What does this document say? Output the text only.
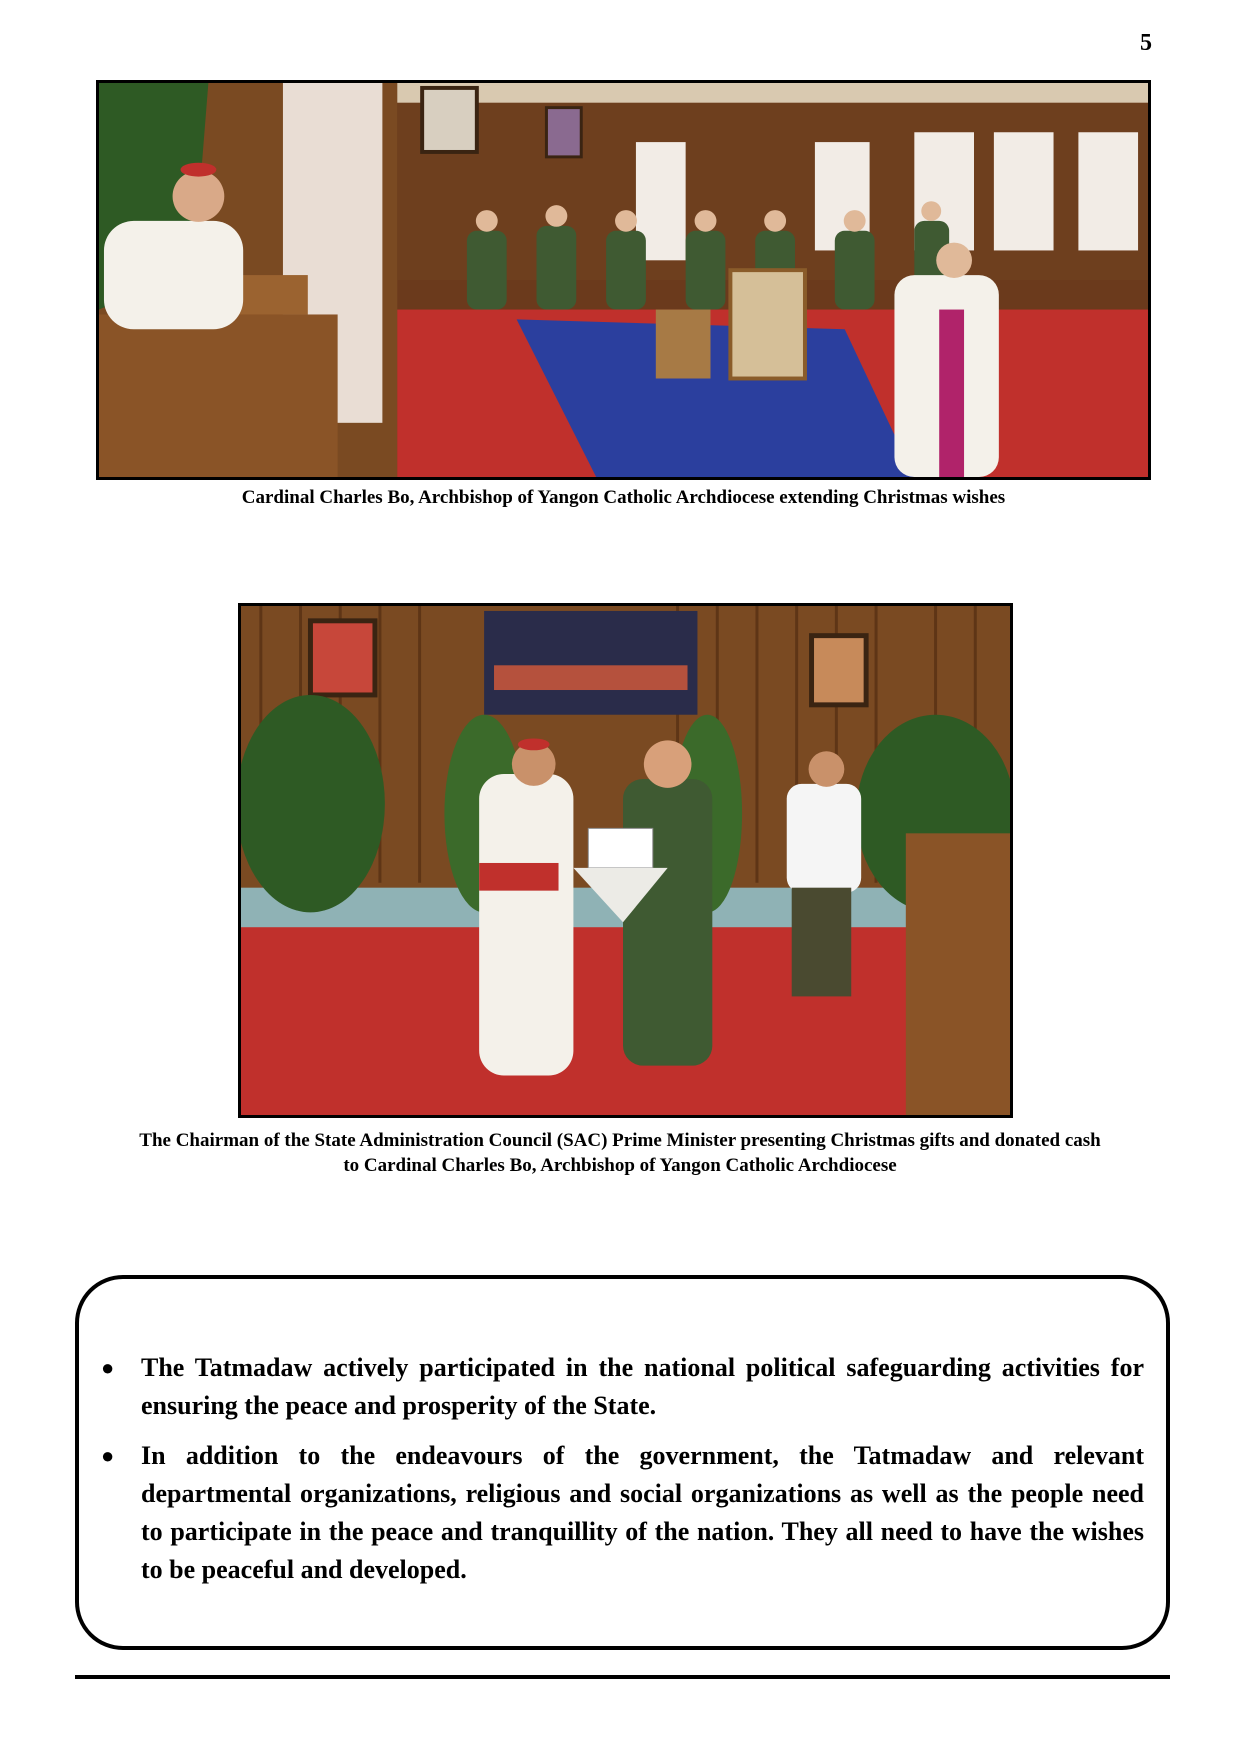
5
Cardinal Charles Bo, Archbishop of Yangon Catholic Archdiocese extending Christmas wishes
The Chairman of the State Administration Council (SAC) Prime Minister presenting Christmas gifts and donated cash
to Cardinal Charles Bo, Archbishop of Yangon Catholic Archdiocese
● The Tatmadaw actively participated in the national political safeguarding activities for ensuring the peace and prosperity of the State.
● In addition to the endeavours of the government, the Tatmadaw and relevant departmental organizations, religious and social organizations as well as the people need to participate in the peace and tranquillity of the nation. They all need to have the wishes to be peaceful and developed.
